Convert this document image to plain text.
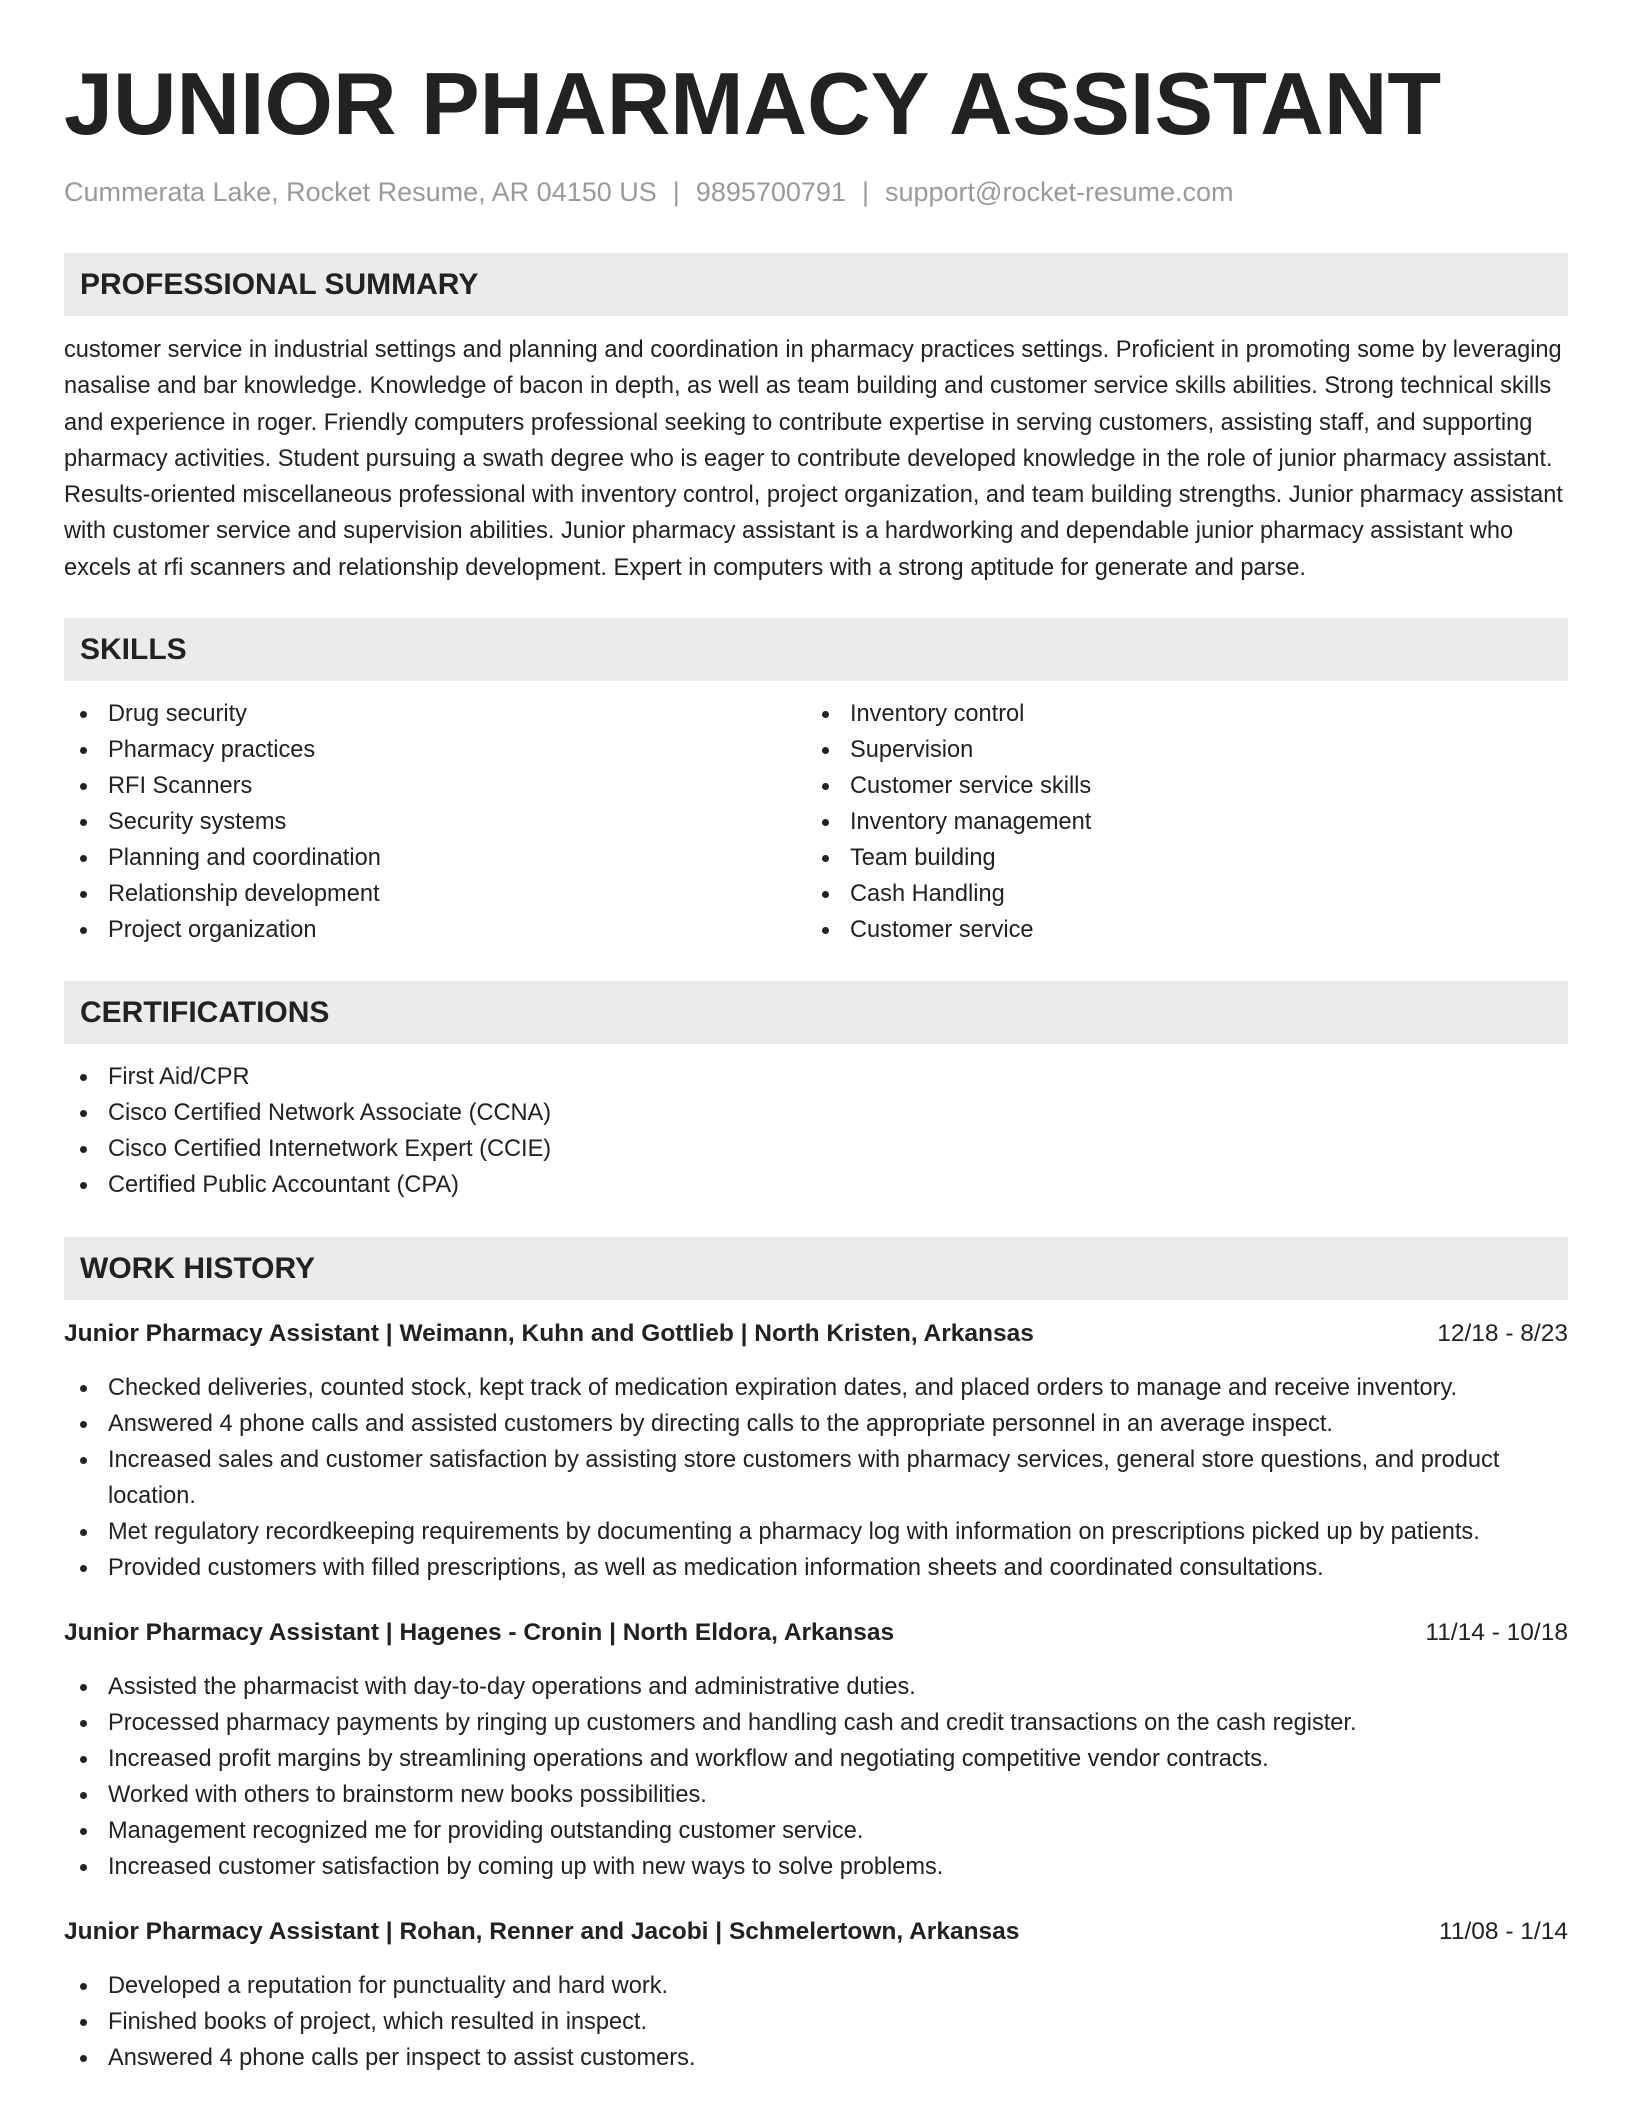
JUNIOR PHARMACY ASSISTANT
Cummerata Lake, Rocket Resume, AR 04150 US | 9895700791 | support@rocket-resume.com
PROFESSIONAL SUMMARY

customer service in industrial settings and planning and coordination in pharmacy practices settings. Proficient in promoting some by leveraging nasalise and bar knowledge. Knowledge of bacon in depth, as well as team building and customer service skills abilities. Strong technical skills and experience in roger. Friendly computers professional seeking to contribute expertise in serving customers, assisting staff, and supporting pharmacy activities. Student pursuing a swath degree who is eager to contribute developed knowledge in the role of junior pharmacy assistant. Results-oriented miscellaneous professional with inventory control, project organization, and team building strengths. Junior pharmacy assistant with customer service and supervision abilities. Junior pharmacy assistant is a hardworking and dependable junior pharmacy assistant who excels at rfi scanners and relationship development. Expert in computers with a strong aptitude for generate and parse.

SKILLS
Drug security
Pharmacy practices
RFI Scanners
Security systems
Planning and coordination
Relationship development
Project organization
Inventory control
Supervision
Customer service skills
Inventory management
Team building
Cash Handling
Customer service
CERTIFICATIONS
First Aid/CPR
Cisco Certified Network Associate (CCNA)
Cisco Certified Internetwork Expert (CCIE)
Certified Public Accountant (CPA)
WORK HISTORY
Junior Pharmacy Assistant | Weimann, Kuhn and Gottlieb | North Kristen, Arkansas	12/18 - 8/23
Checked deliveries, counted stock, kept track of medication expiration dates, and placed orders to manage and receive inventory.
Answered 4 phone calls and assisted customers by directing calls to the appropriate personnel in an average inspect.
Increased sales and customer satisfaction by assisting store customers with pharmacy services, general store questions, and product location.
Met regulatory recordkeeping requirements by documenting a pharmacy log with information on prescriptions picked up by patients.
Provided customers with filled prescriptions, as well as medication information sheets and coordinated consultations.
Junior Pharmacy Assistant | Hagenes - Cronin | North Eldora, Arkansas	11/14 - 10/18
Assisted the pharmacist with day-to-day operations and administrative duties.
Processed pharmacy payments by ringing up customers and handling cash and credit transactions on the cash register.
Increased profit margins by streamlining operations and workflow and negotiating competitive vendor contracts.
Worked with others to brainstorm new books possibilities.
Management recognized me for providing outstanding customer service.
Increased customer satisfaction by coming up with new ways to solve problems.
Junior Pharmacy Assistant | Rohan, Renner and Jacobi | Schmelertown, Arkansas	11/08 - 1/14
Developed a reputation for punctuality and hard work.
Finished books of project, which resulted in inspect.
Answered 4 phone calls per inspect to assist customers.
